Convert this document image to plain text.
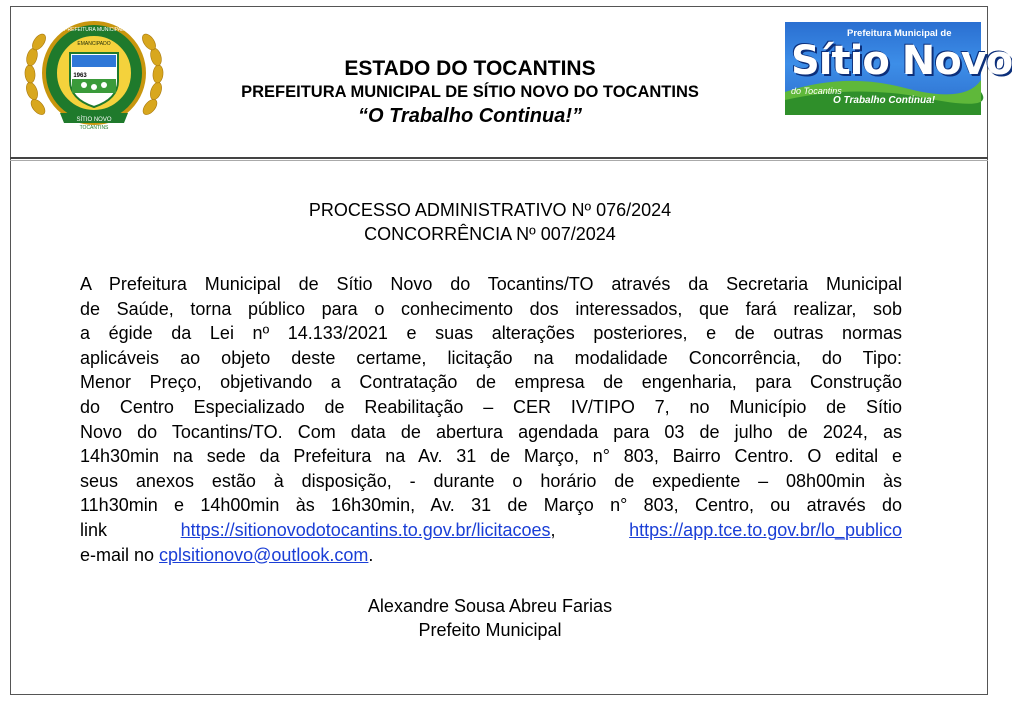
SÍTIO NOVO
EMANCIPADO
1963
PREFEITURA MUNICIPAL
TOCANTINS
ESTADO DO TOCANTINS
PREFEITURA MUNICIPAL DE SÍTIO NOVO DO TOCANTINS
“O Trabalho Continua!”
Prefeitura Municipal de
Sítio Novo
do Tocantins
O Trabalho Continua!
PROCESSO ADMINISTRATIVO Nº 076/2024
CONCORRÊNCIA Nº 007/2024
A Prefeitura Municipal de Sítio Novo do Tocantins/TO através da Secretaria Municipal
de Saúde, torna público para o conhecimento dos interessados, que fará realizar, sob
a égide da Lei nº 14.133/2021 e suas alterações posteriores, e de outras normas
aplicáveis ao objeto deste certame, licitação na modalidade Concorrência, do Tipo:
Menor Preço, objetivando a Contratação de empresa de engenharia, para Construção
do Centro Especializado de Reabilitação – CER IV/TIPO 7, no Município de Sítio
Novo do Tocantins/TO. Com data de abertura agendada para 03 de julho de 2024, as
14h30min na sede da Prefeitura na Av. 31 de Março, n° 803, Bairro Centro. O edital e
seus anexos estão à disposição, - durante o horário de expediente – 08h00min às
11h30min e 14h00min às 16h30min, Av. 31 de Março n° 803, Centro, ou através do
link	https://sitionovodotocantins.to.gov.br/licitacoes,	https://app.tce.to.gov.br/lo_publico
e-mail no cplsitionovo@outlook.com.
Alexandre Sousa Abreu Farias
Prefeito Municipal
